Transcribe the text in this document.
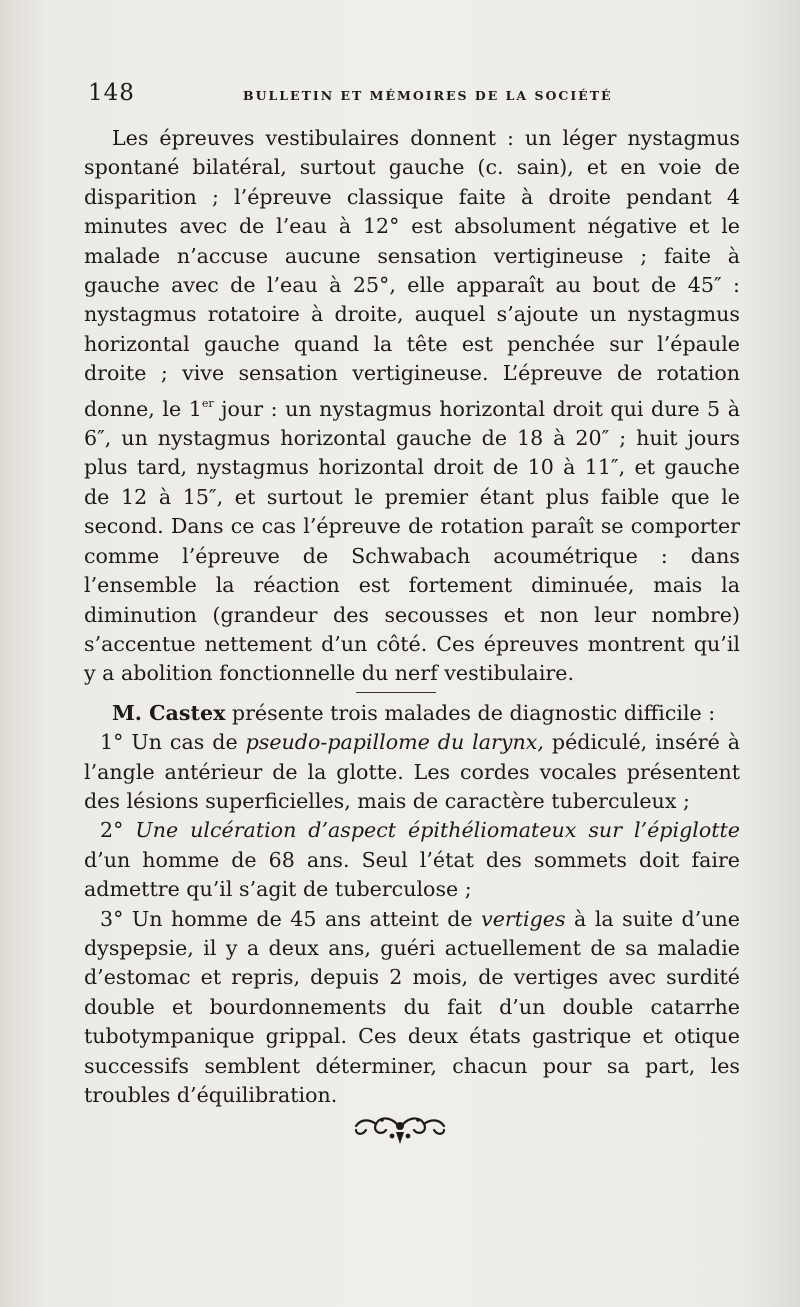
148	BULLETIN ET MÉMOIRES DE LA SOCIÉTÉ

Les épreuves vestibulaires donnent : un léger nystagmus spontané bilatéral, surtout gauche (c. sain), et en voie de disparition ; l’épreuve classique faite à droite pendant 4 minutes avec de l’eau à 12° est absolument négative et le malade n’accuse aucune sensation vertigineuse ; faite à gauche avec de l’eau à 25°, elle apparaît au bout de 45″ : nystagmus rotatoire à droite, auquel s’ajoute un nystagmus horizontal gauche quand la tête est penchée sur l’épaule droite ; vive sensation vertigineuse. L’épreuve de rotation donne, le 1er jour : un nystagmus horizontal droit qui dure 5 à 6″, un nystagmus horizontal gauche de 18 à 20″ ; huit jours plus tard, nystagmus horizontal droit de 10 à 11″, et gauche de 12 à 15″, et surtout le premier étant plus faible que le second. Dans ce cas l’épreuve de rotation paraît se comporter comme l’épreuve de Schwabach acoumétrique : dans l’ensemble la réaction est fortement diminuée, mais la diminution (grandeur des secousses et non leur nombre) s’accentue nettement d’un côté. Ces épreuves montrent qu’il y a abolition fonctionnelle du nerf vestibulaire.

M. Castex présente trois malades de diagnostic difficile :

1° Un cas de pseudo-papillome du larynx, pédiculé, inséré à l’angle antérieur de la glotte. Les cordes vocales présentent des lésions superficielles, mais de caractère tuberculeux ;

2° Une ulcération d’aspect épithéliomateux sur l’épiglotte d’un homme de 68 ans. Seul l’état des sommets doit faire admettre qu’il s’agit de tuberculose ;

3° Un homme de 45 ans atteint de vertiges à la suite d’une dyspepsie, il y a deux ans, guéri actuellement de sa maladie d’estomac et repris, depuis 2 mois, de vertiges avec surdité double et bourdonnements du fait d’un double catarrhe tubotympanique grippal. Ces deux états gastrique et otique successifs semblent déterminer, chacun pour sa part, les troubles d’équilibration.
